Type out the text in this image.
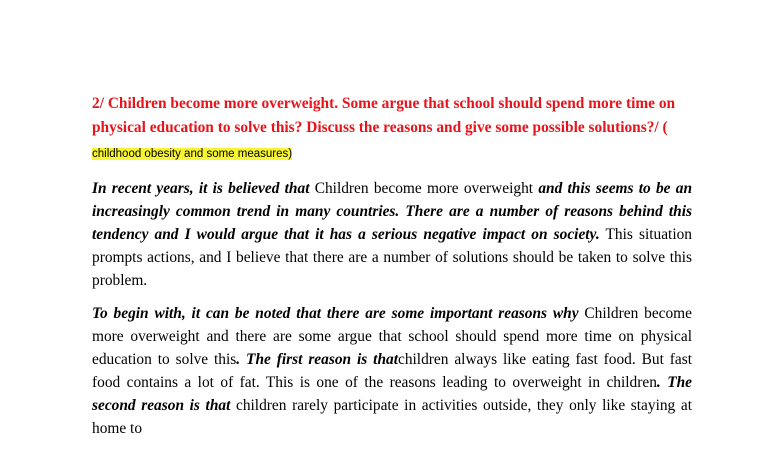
2/ Children become more overweight. Some argue that school should spend more time on physical education to solve this? Discuss the reasons and give some possible solutions?/ ( childhood obesity and some measures)

In recent years, it is believed that Children become more overweight and this seems to be an increasingly common trend in many countries. There are a number of reasons behind this tendency and I would argue that it has a serious negative impact on society. This situation prompts actions, and I believe that there are a number of solutions should be taken to solve this problem.

To begin with, it can be noted that there are some important reasons why Children become more overweight and there are some argue that school should spend more time on physical education to solve this. The first reason is thatchildren always like eating fast food. But fast food contains a lot of fat. This is one of the reasons leading to overweight in children. The second reason is that children rarely participate in activities outside, they only like staying at home to
